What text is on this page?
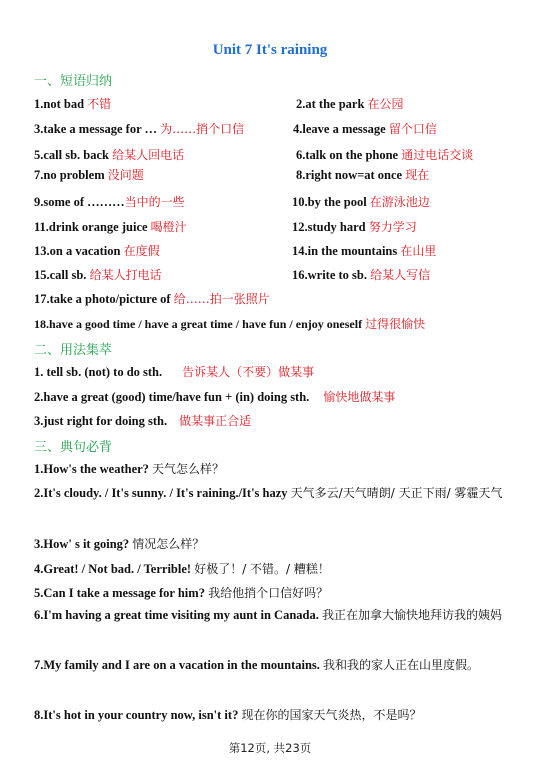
Unit 7 It's raining
一、短语归纳
1.not bad 不错	2.at the park 在公园
3.take a message for … 为……捎个口信	4.leave a message 留个口信
5.call sb. back 给某人回电话	6.talk on the phone 通过电话交谈
7.no problem 没问题	8.right now=at once 现在
9.some of ………当中的一些	10.by the pool 在游泳池边
11.drink orange juice 喝橙汁	12.study hard 努力学习
13.on a vacation 在度假	14.in the mountains 在山里
15.call sb. 给某人打电话	16.write to sb. 给某人写信
17.take a photo/picture of 给……拍一张照片
18.have a good time / have a great time / have fun / enjoy oneself 过得很愉快
二、用法集萃
1. tell sb. (not) to do sth. 告诉某人（不要）做某事
2.have a great (good) time/have fun + (in) doing sth. 愉快地做某事
3.just right for doing sth. 做某事正合适
三、典句必背
1.How's the weather? 天气怎么样？
2.It's cloudy. / It's sunny. / It's raining./It's hazy 天气多云/天气晴朗/ 天正下雨/ 雾霾天气
3.How' s it going? 情况怎么样？
4.Great! / Not bad. / Terrible! 好极了！/ 不错。/ 糟糕！
5.Can I take a message for him? 我给他捎个口信好吗？
6.I'm having a great time visiting my aunt in Canada. 我正在加拿大愉快地拜访我的姨妈
7.My family and I are on a vacation in the mountains. 我和我的家人正在山里度假。
8.It's hot in your country now, isn't it? 现在你的国家天气炎热，不是吗？
第12页, 共23页
